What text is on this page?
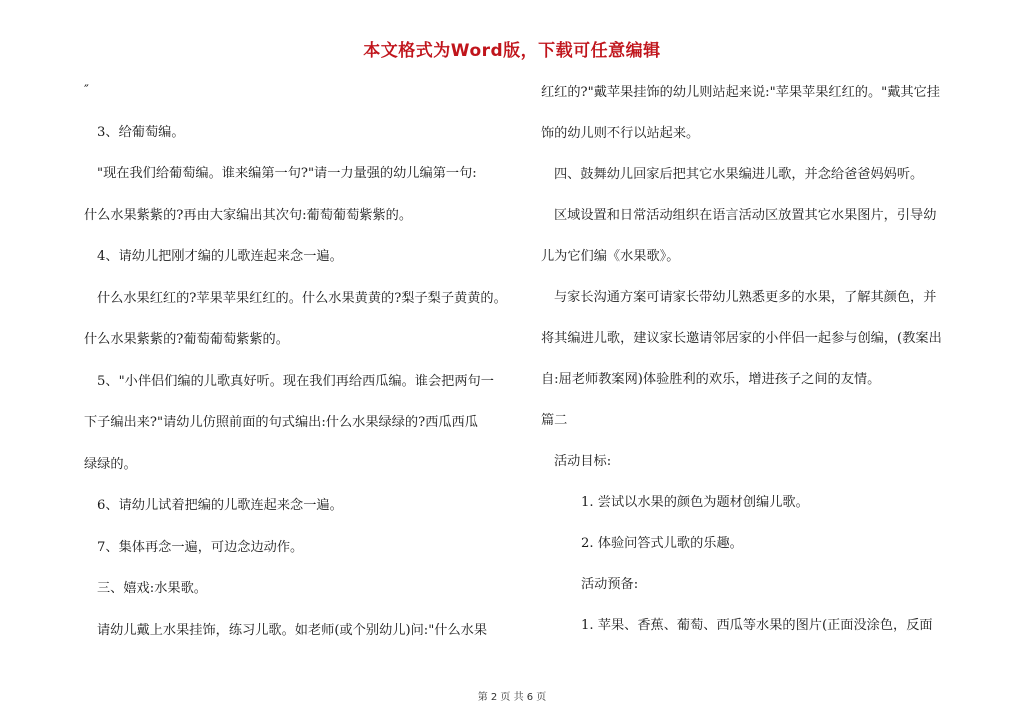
本文格式为Word版，下载可任意编辑
″
3、给葡萄编。
"现在我们给葡萄编。谁来编第一句?"请一力量强的幼儿编第一句:
什么水果紫紫的?再由大家编出其次句:葡萄葡萄紫紫的。
4、请幼儿把刚才编的儿歌连起来念一遍。
什么水果红红的?苹果苹果红红的。什么水果黄黄的?梨子梨子黄黄的。
什么水果紫紫的?葡萄葡萄紫紫的。
5、"小伴侣们编的儿歌真好听。现在我们再给西瓜编。谁会把两句一
下子编出来?"请幼儿仿照前面的句式编出:什么水果绿绿的?西瓜西瓜
绿绿的。
6、请幼儿试着把编的儿歌连起来念一遍。
7、集体再念一遍，可边念边动作。
三、嬉戏:水果歌。
请幼儿戴上水果挂饰，练习儿歌。如老师(或个别幼儿)问:"什么水果
红红的?"戴苹果挂饰的幼儿则站起来说:"苹果苹果红红的。"戴其它挂
饰的幼儿则不行以站起来。
四、鼓舞幼儿回家后把其它水果编进儿歌，并念给爸爸妈妈听。
区域设置和日常活动组织在语言活动区放置其它水果图片，引导幼
儿为它们编《水果歌》。
与家长沟通方案可请家长带幼儿熟悉更多的水果，了解其颜色，并
将其编进儿歌，建议家长邀请邻居家的小伴侣一起参与创编，(教案出
自:屈老师教案网)体验胜利的欢乐，增进孩子之间的友情。
篇二
活动目标:
1. 尝试以水果的颜色为题材创编儿歌。
2. 体验问答式儿歌的乐趣。
活动预备:
1. 苹果、香蕉、葡萄、西瓜等水果的图片(正面没涂色，反面
第 2 页 共 6 页
